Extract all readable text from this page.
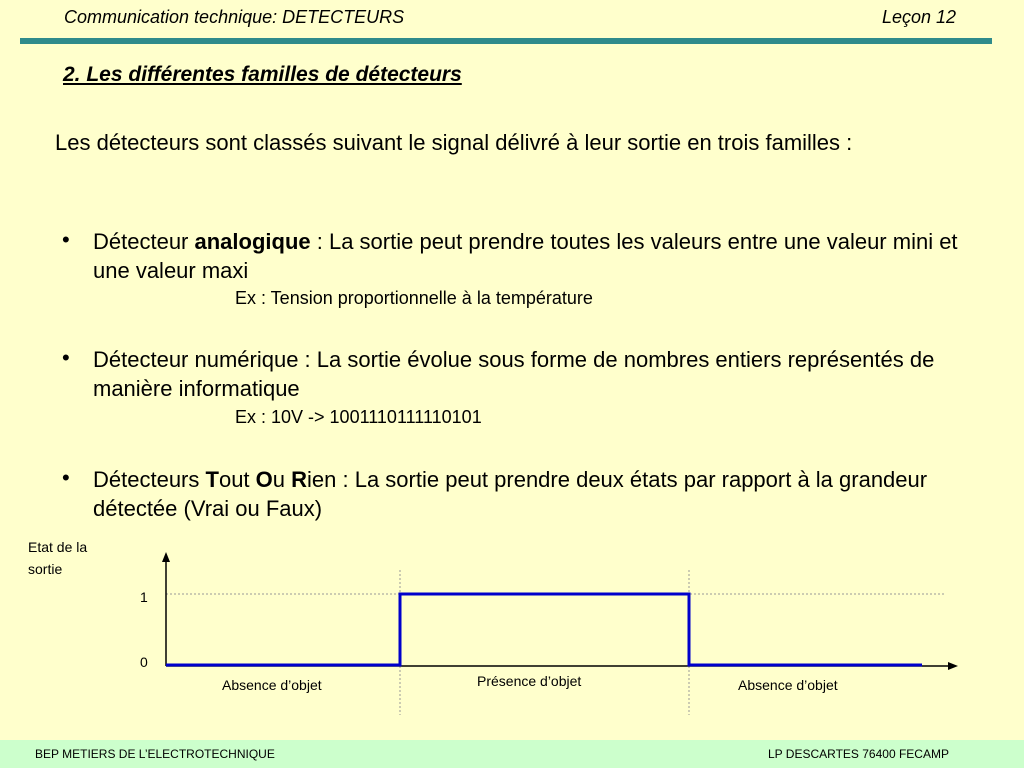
Communication technique: DETECTEURS	Leçon 12
2. Les différentes familles de détecteurs
Les détecteurs sont classés suivant le signal délivré à leur sortie en trois familles :
• Détecteur analogique : La sortie peut prendre toutes les valeurs entre une valeur mini et une valeur maxi
Ex : Tension proportionnelle à la température
• Détecteur numérique : La sortie évolue sous forme de nombres entiers représentés de manière informatique
Ex : 10V -> 1001110111110101
• Détecteurs Tout Ou Rien : La sortie peut prendre deux états par rapport à la grandeur détectée (Vrai ou Faux)
Etat de la
sortie
1
0
Absence d’objet	Présence d’objet	Absence d’objet
BEP METIERS DE L’ELECTROTECHNIQUE	LP DESCARTES 76400 FECAMP
